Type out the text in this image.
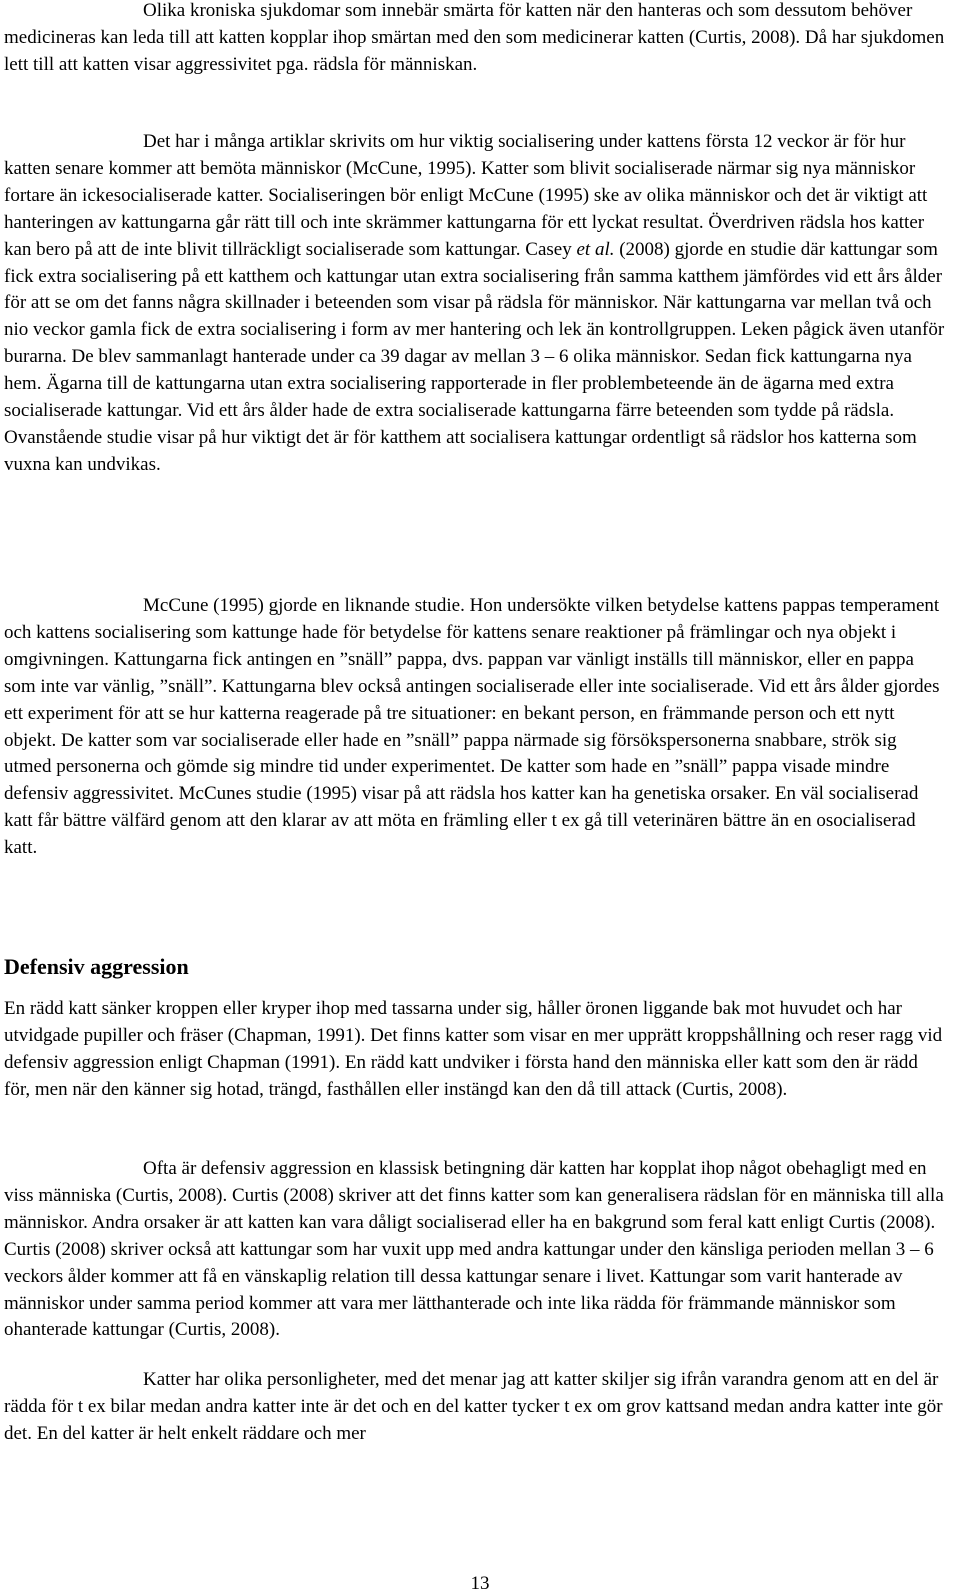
Olika kroniska sjukdomar som innebär smärta för katten när den hanteras och som dessutom behöver medicineras kan leda till att katten kopplar ihop smärtan med den som medicinerar katten (Curtis, 2008). Då har sjukdomen lett till att katten visar aggressivitet pga. rädsla för människan.

Det har i många artiklar skrivits om hur viktig socialisering under kattens första 12 veckor är för hur katten senare kommer att bemöta människor (McCune, 1995). Katter som blivit socialiserade närmar sig nya människor fortare än ickesocialiserade katter. Socialiseringen bör enligt McCune (1995) ske av olika människor och det är viktigt att hanteringen av kattungarna går rätt till och inte skrämmer kattungarna för ett lyckat resultat. Överdriven rädsla hos katter kan bero på att de inte blivit tillräckligt socialiserade som kattungar. Casey et al. (2008) gjorde en studie där kattungar som fick extra socialisering på ett katthem och kattungar utan extra socialisering från samma katthem jämfördes vid ett års ålder för att se om det fanns några skillnader i beteenden som visar på rädsla för människor. När kattungarna var mellan två och nio veckor gamla fick de extra socialisering i form av mer hantering och lek än kontrollgruppen. Leken pågick även utanför burarna. De blev sammanlagt hanterade under ca 39 dagar av mellan 3 – 6 olika människor. Sedan fick kattungarna nya hem. Ägarna till de kattungarna utan extra socialisering rapporterade in fler problembeteende än de ägarna med extra socialiserade kattungar. Vid ett års ålder hade de extra socialiserade kattungarna färre beteenden som tydde på rädsla. Ovanstående studie visar på hur viktigt det är för katthem att socialisera kattungar ordentligt så rädslor hos katterna som vuxna kan undvikas.

McCune (1995) gjorde en liknande studie. Hon undersökte vilken betydelse kattens pappas temperament och kattens socialisering som kattunge hade för betydelse för kattens senare reaktioner på främlingar och nya objekt i omgivningen. Kattungarna fick antingen en ”snäll” pappa, dvs. pappan var vänligt inställs till människor, eller en pappa som inte var vänlig, ”snäll”. Kattungarna blev också antingen socialiserade eller inte socialiserade. Vid ett års ålder gjordes ett experiment för att se hur katterna reagerade på tre situationer: en bekant person, en främmande person och ett nytt objekt. De katter som var socialiserade eller hade en ”snäll” pappa närmade sig försökspersonerna snabbare, strök sig utmed personerna och gömde sig mindre tid under experimentet. De katter som hade en ”snäll” pappa visade mindre defensiv aggressivitet. McCunes studie (1995) visar på att rädsla hos katter kan ha genetiska orsaker. En väl socialiserad katt får bättre välfärd genom att den klarar av att möta en främling eller t ex gå till veterinären bättre än en osocialiserad katt.

Defensiv aggression

En rädd katt sänker kroppen eller kryper ihop med tassarna under sig, håller öronen liggande bak mot huvudet och har utvidgade pupiller och fräser (Chapman, 1991). Det finns katter som visar en mer upprätt kroppshållning och reser ragg vid defensiv aggression enligt Chapman (1991). En rädd katt undviker i första hand den människa eller katt som den är rädd för, men när den känner sig hotad, trängd, fasthållen eller instängd kan den då till attack (Curtis, 2008).

Ofta är defensiv aggression en klassisk betingning där katten har kopplat ihop något obehagligt med en viss människa (Curtis, 2008). Curtis (2008) skriver att det finns katter som kan generalisera rädslan för en människa till alla människor. Andra orsaker är att katten kan vara dåligt socialiserad eller ha en bakgrund som feral katt enligt Curtis (2008). Curtis (2008) skriver också att kattungar som har vuxit upp med andra kattungar under den känsliga perioden mellan 3 – 6 veckors ålder kommer att få en vänskaplig relation till dessa kattungar senare i livet. Kattungar som varit hanterade av människor under samma period kommer att vara mer lätthanterade och inte lika rädda för främmande människor som ohanterade kattungar (Curtis, 2008).

Katter har olika personligheter, med det menar jag att katter skiljer sig ifrån varandra genom att en del är rädda för t ex bilar medan andra katter inte är det och en del katter tycker t ex om grov kattsand medan andra katter inte gör det. En del katter är helt enkelt räddare och mer

13
